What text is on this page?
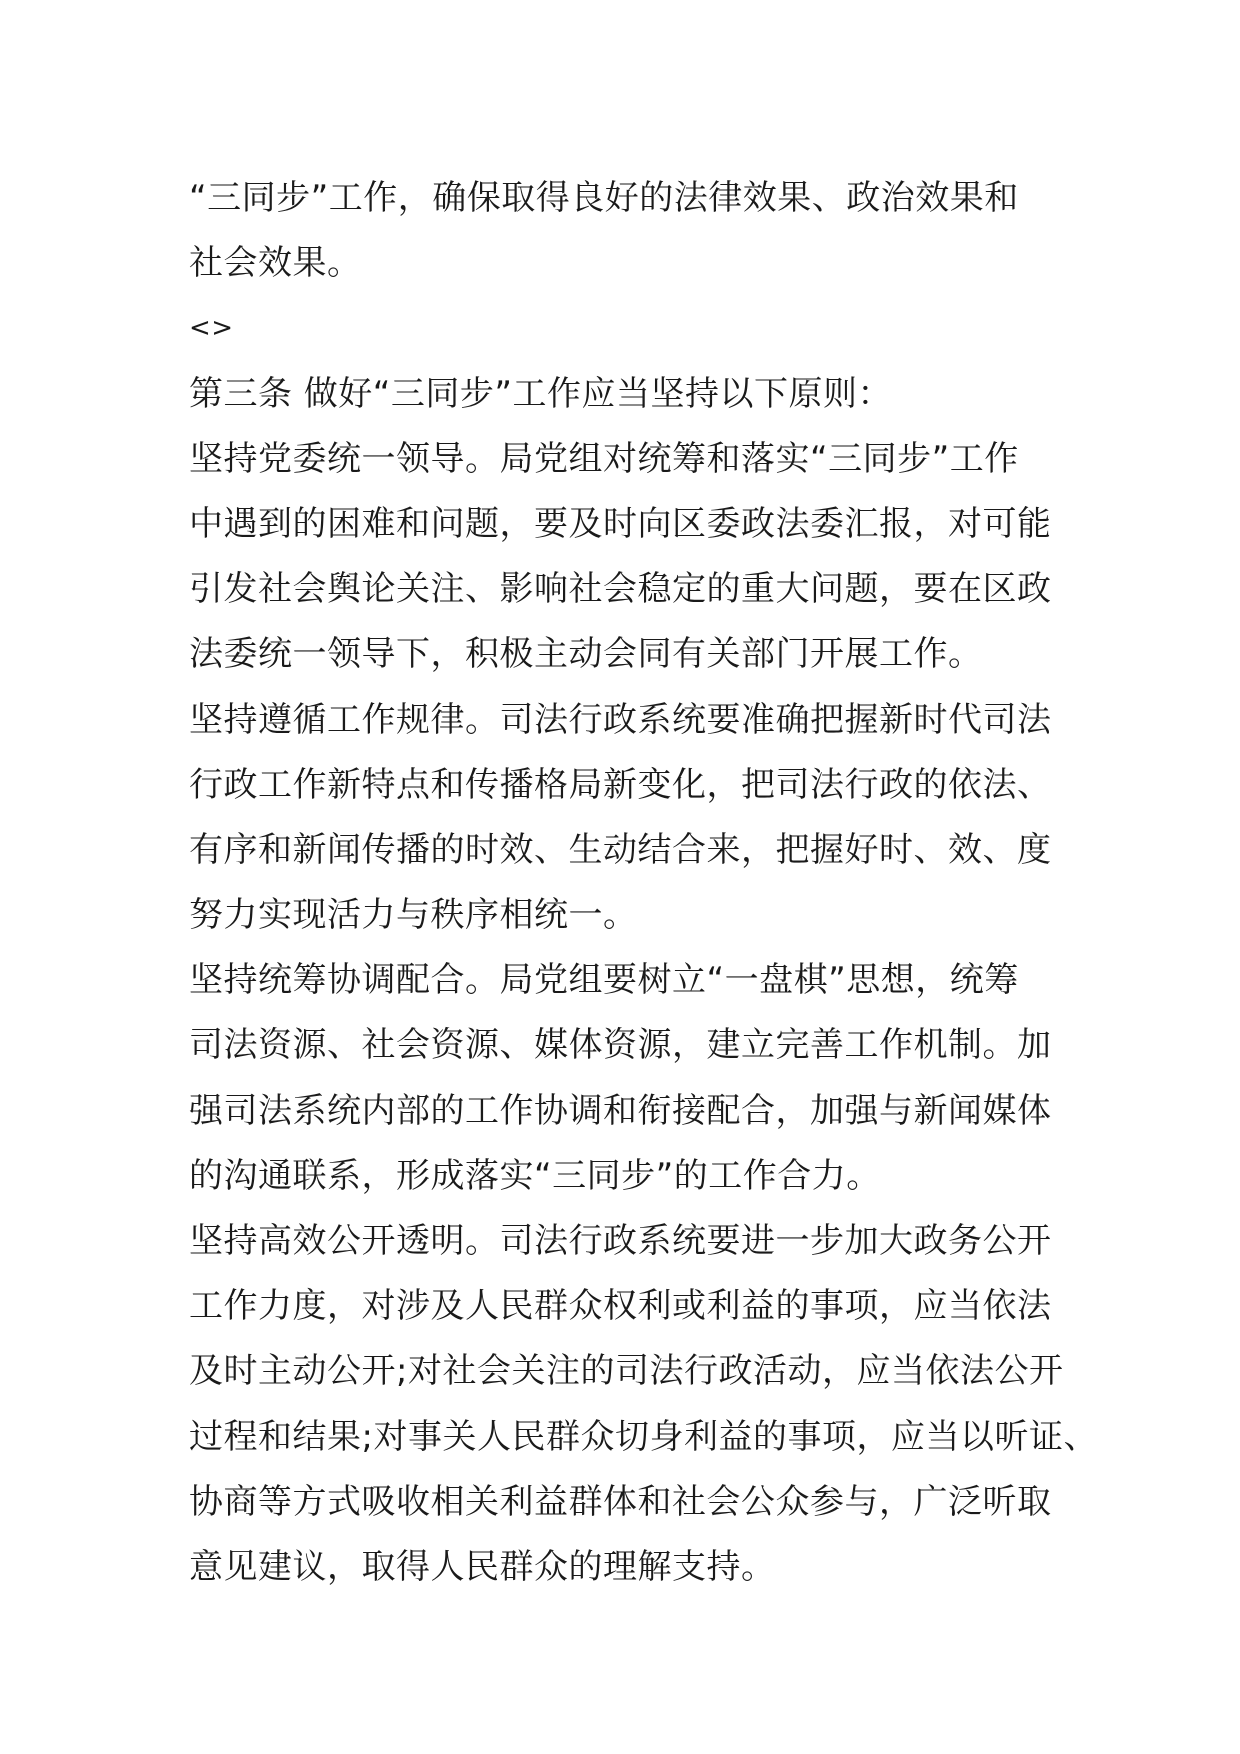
“三同步”工作，确保取得良好的法律效果、政治效果和
社会效果。
<>
第三条 做好“三同步”工作应当坚持以下原则：
坚持党委统一领导。局党组对统筹和落实“三同步”工作
中遇到的困难和问题，要及时向区委政法委汇报，对可能
引发社会舆论关注、影响社会稳定的重大问题，要在区政
法委统一领导下，积极主动会同有关部门开展工作。
坚持遵循工作规律。司法行政系统要准确把握新时代司法
行政工作新特点和传播格局新变化，把司法行政的依法、
有序和新闻传播的时效、生动结合来，把握好时、效、度
努力实现活力与秩序相统一。
坚持统筹协调配合。局党组要树立“一盘棋”思想，统筹
司法资源、社会资源、媒体资源，建立完善工作机制。加
强司法系统内部的工作协调和衔接配合，加强与新闻媒体
的沟通联系，形成落实“三同步”的工作合力。
坚持高效公开透明。司法行政系统要进一步加大政务公开
工作力度，对涉及人民群众权利或利益的事项，应当依法
及时主动公开;对社会关注的司法行政活动，应当依法公开
过程和结果;对事关人民群众切身利益的事项，应当以听证、
协商等方式吸收相关利益群体和社会公众参与，广泛听取
意见建议，取得人民群众的理解支持。
